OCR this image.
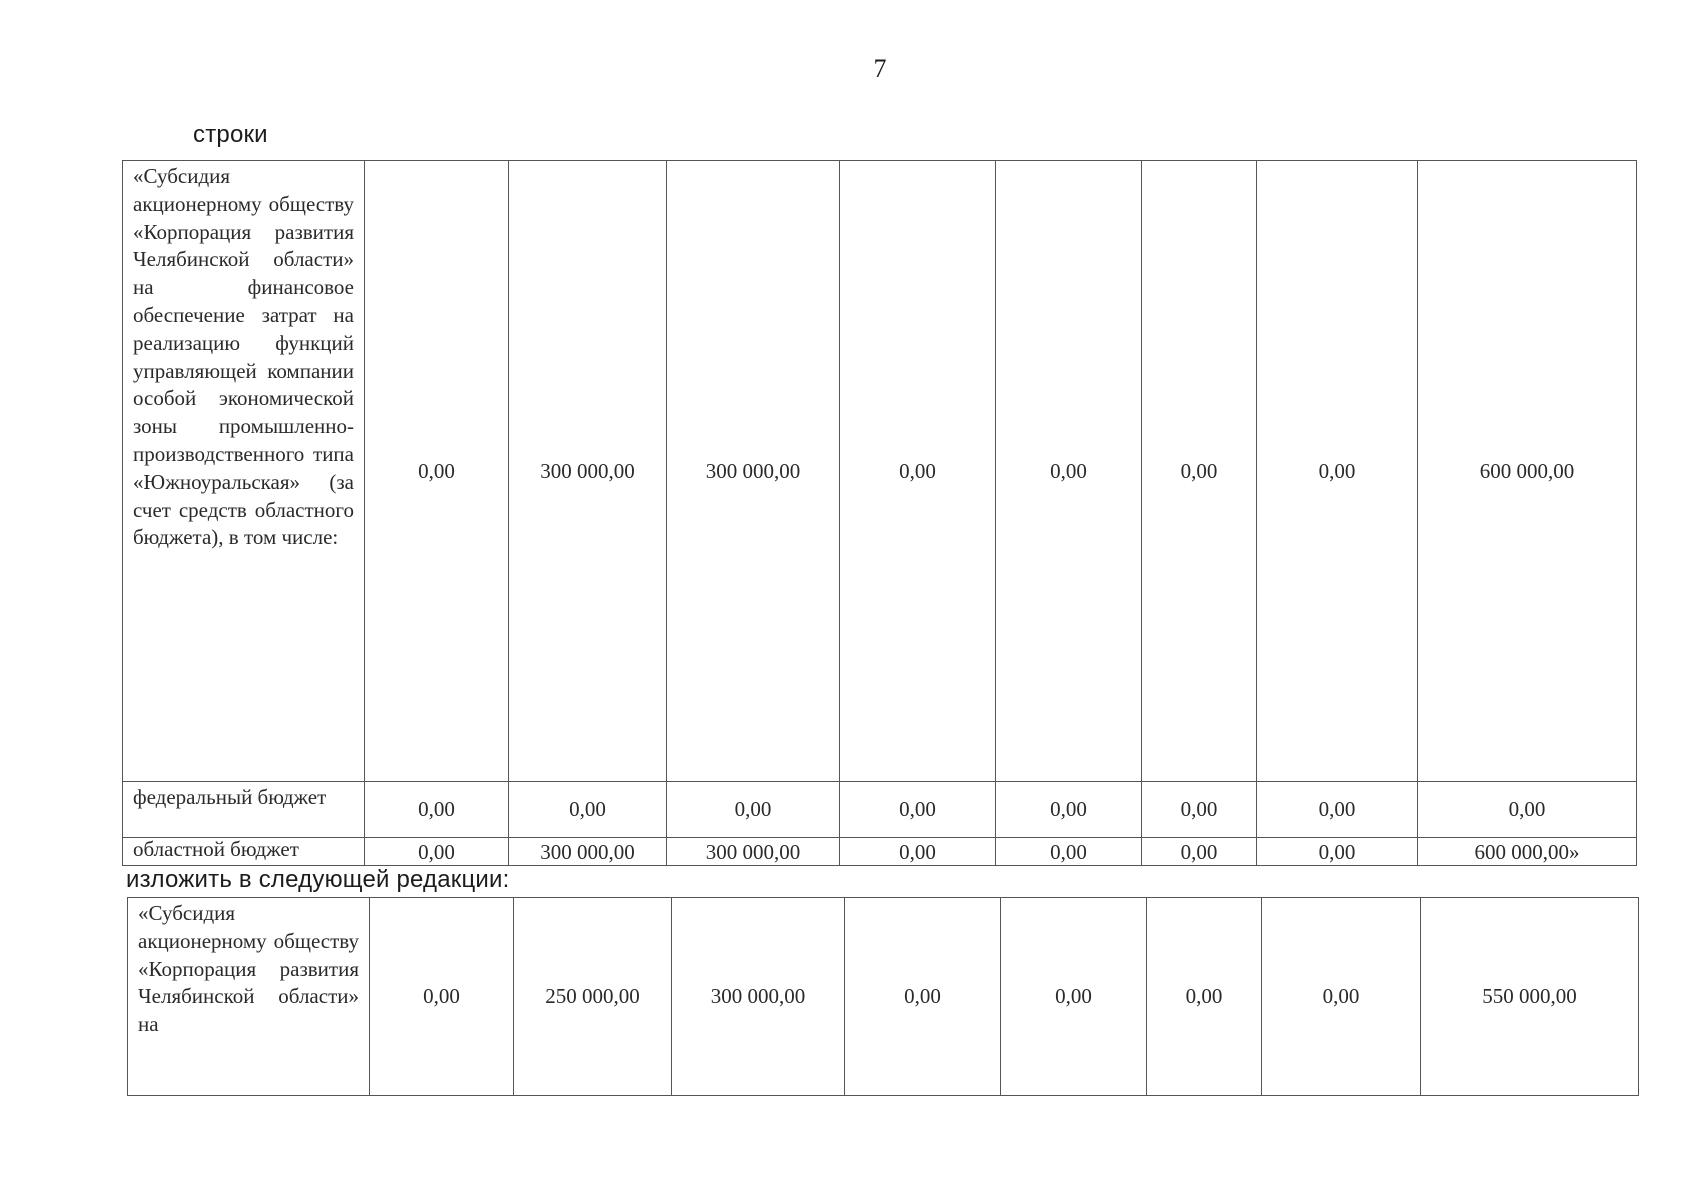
7
строки
«Субсидия акционерному обществу «Корпорация развития Челябинской области» на финансовое обеспечение затрат на реализацию функций управляющей компании особой экономической зоны промышленно-производственного типа «Южноуральская» (за счет средств областного бюджета), в том числе:	0,00	300 000,00	300 000,00	0,00	0,00	0,00	0,00	600 000,00
федеральный бюджет	0,00	0,00	0,00	0,00	0,00	0,00	0,00	0,00
областной бюджет	0,00	300 000,00	300 000,00	0,00	0,00	0,00	0,00	600 000,00»
изложить в следующей редакции:
«Субсидия акционерному обществу «Корпорация развития Челябинской области» на	0,00	250 000,00	300 000,00	0,00	0,00	0,00	0,00	550 000,00
